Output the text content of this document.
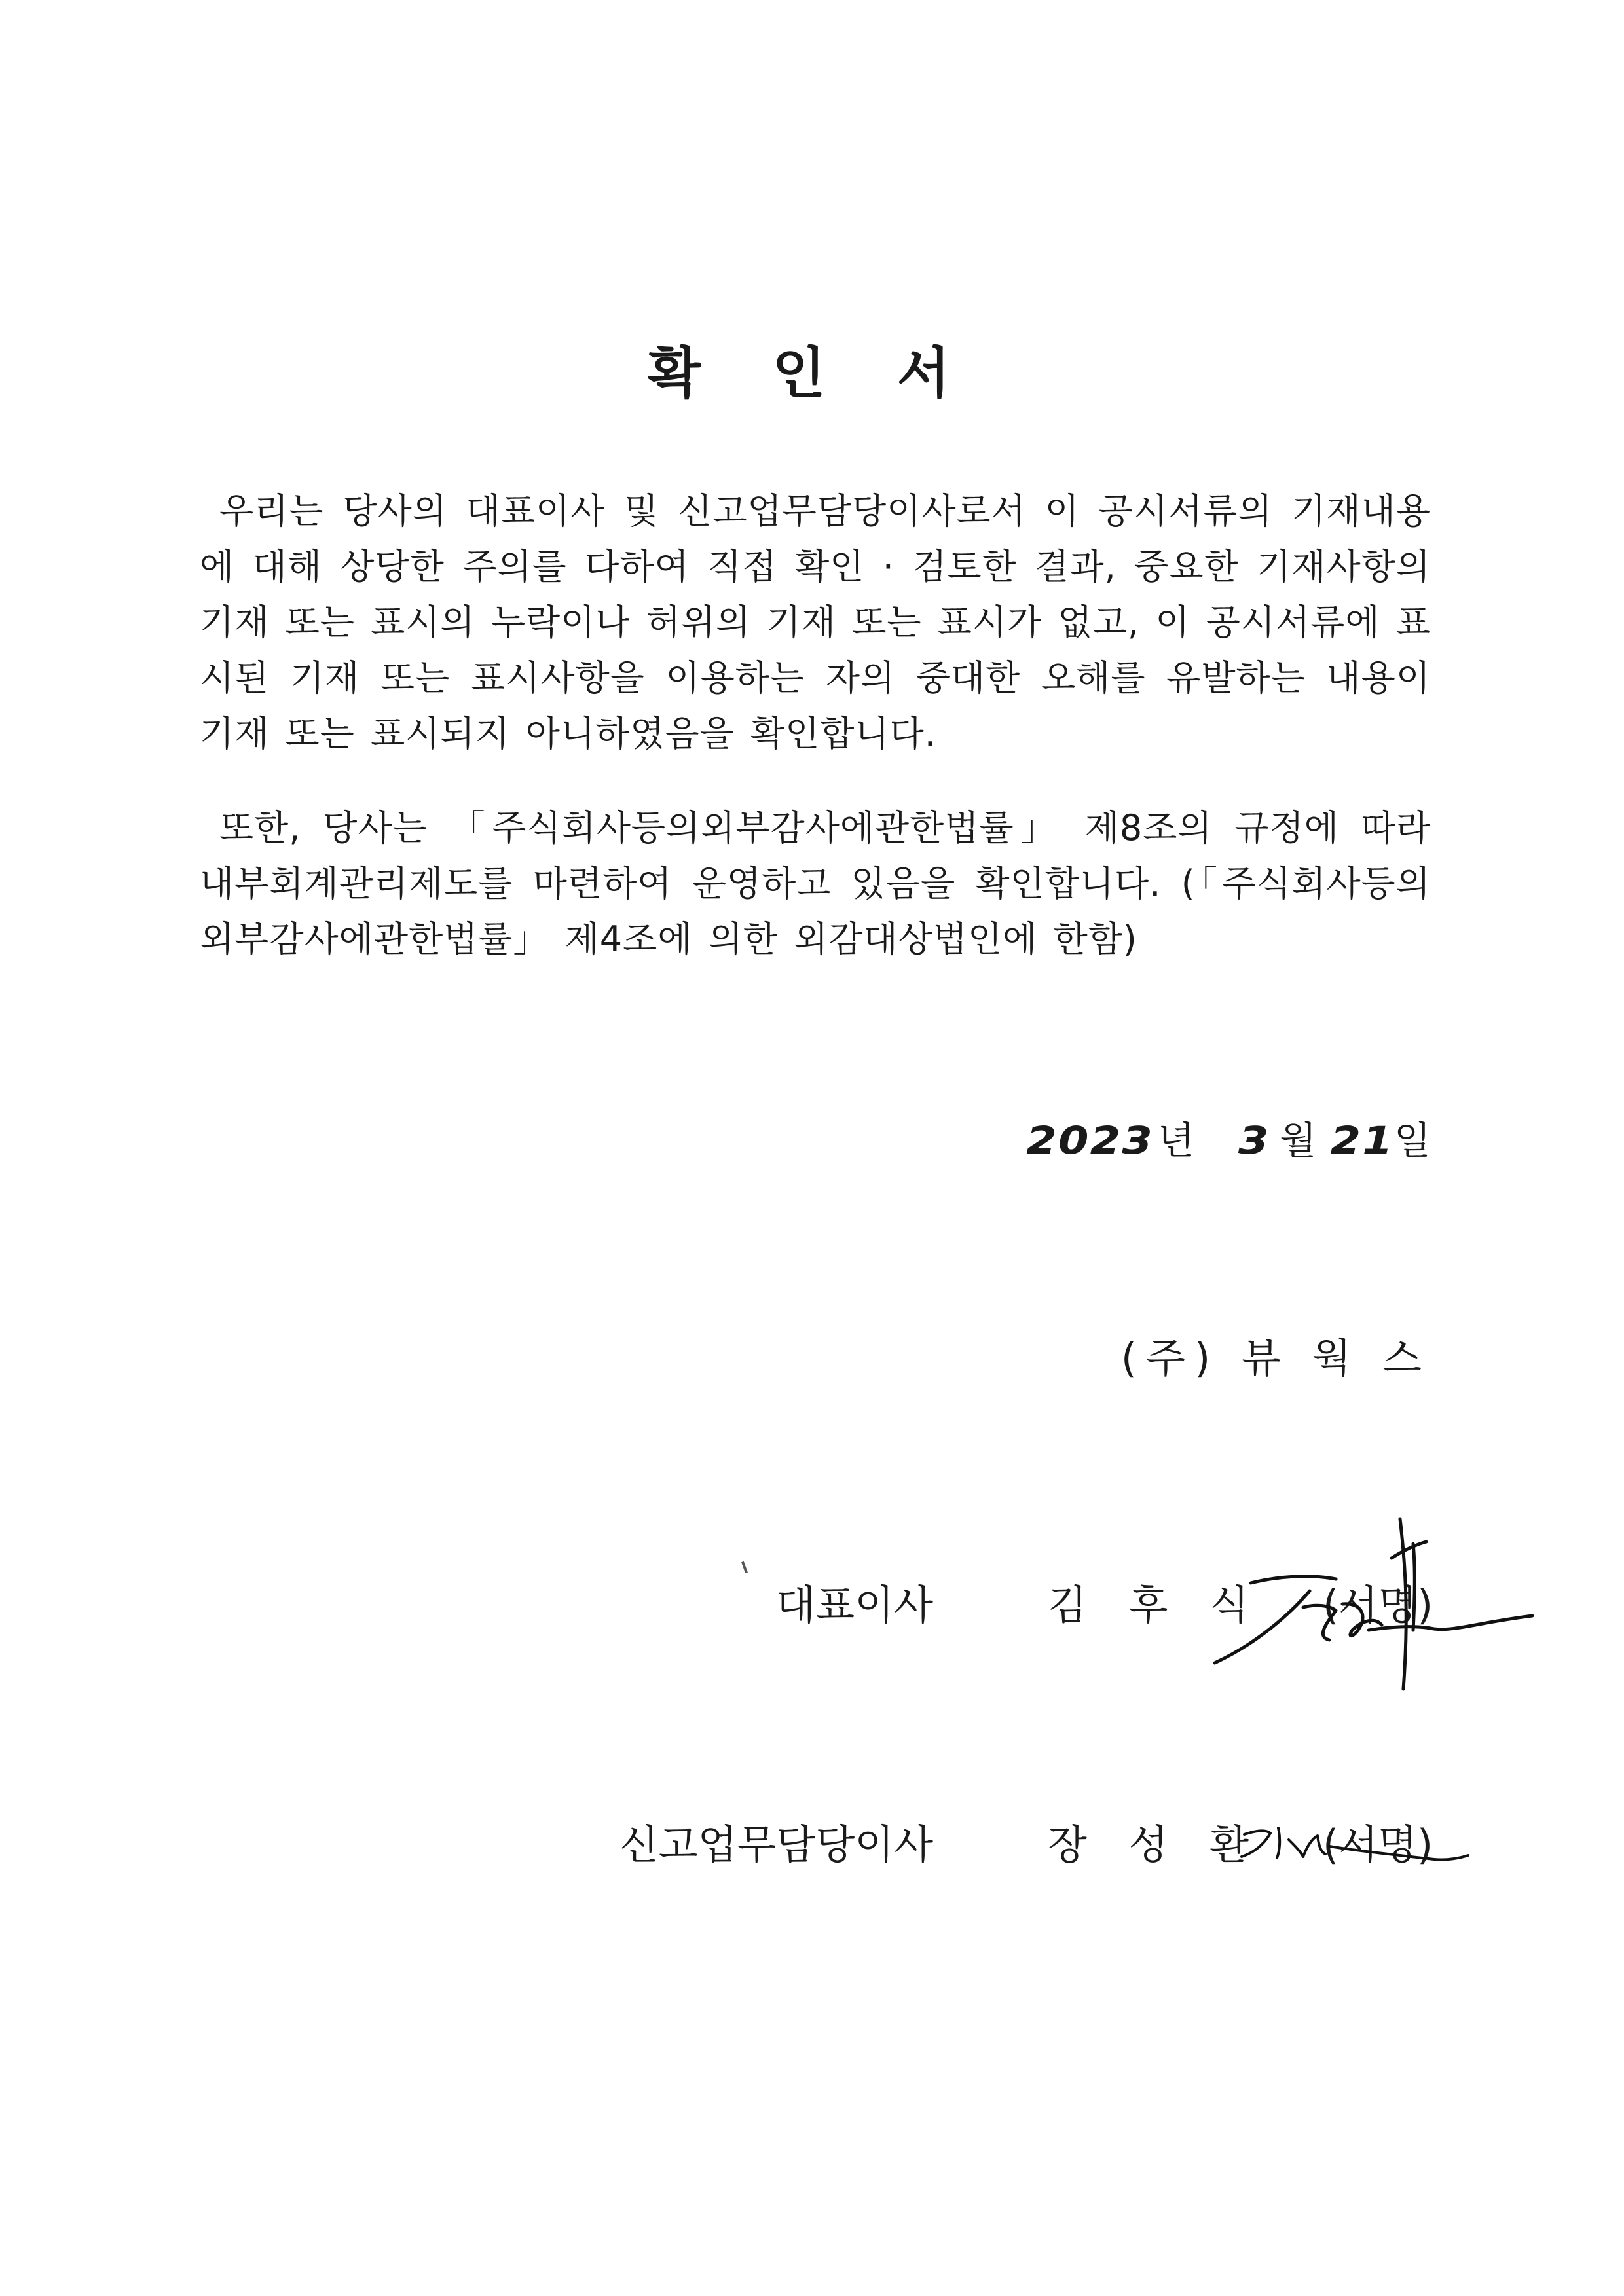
확 인 서

우리는 당사의 대표이사 및 신고업무담당이사로서 이 공시서류의 기재내용에 대해 상당한 주의를 다하여 직접 확인 · 검토한 결과, 중요한 기재사항의 기재 또는 표시의 누락이나 허위의 기재 또는 표시가 없고, 이 공시서류에 표시된 기재 또는 표시사항을 이용하는 자의 중대한 오해를 유발하는 내용이 기재 또는 표시되지 아니하였음을 확인합니다.

또한, 당사는 「주식회사등의외부감사에관한법률」 제8조의 규정에 따라 내부회계관리제도를 마련하여 운영하고 있음을 확인합니다. (「주식회사등의외부감사에관한법률」 제4조에 의한 외감대상법인에 한함)

2023년 3 월 21일
(주) 뷰 웍 스
대표이사	김 후 식 (서명)
신고업무담당이사	장 성 환 (서명)
